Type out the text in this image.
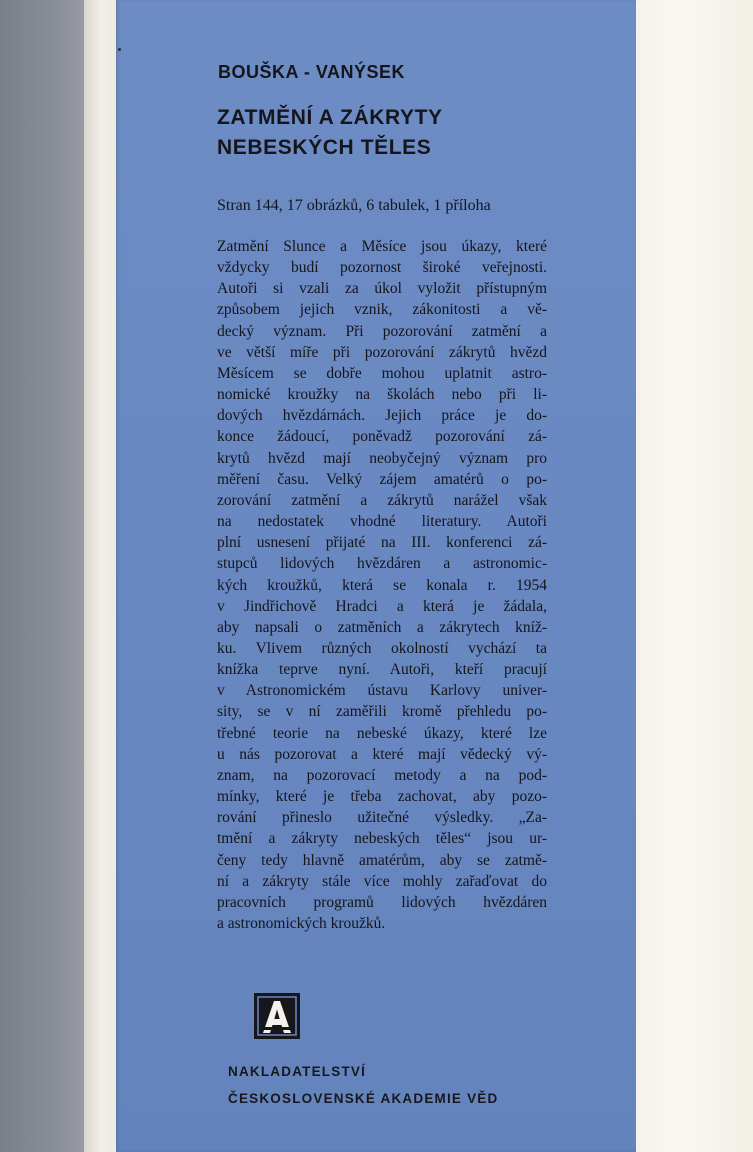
BOUŠKA - VANÝSEK

ZATMĚNÍ A ZÁKRYTY
NEBESKÝCH TĚLES

Stran 144, 17 obrázků, 6 tabulek, 1 příloha

Zatmění Slunce a Měsíce jsou úkazy, které
vždycky budí pozornost široké veřejnosti.
Autoři si vzali za úkol vyložit přístupným
způsobem jejich vznik, zákonitosti a vě-
decký význam. Při pozorování zatmění a
ve větší míře při pozorování zákrytů hvězd
Měsícem se dobře mohou uplatnit astro-
nomické kroužky na školách nebo při li-
dových hvězdárnách. Jejich práce je do-
konce žádoucí, poněvadž pozorování zá-
krytů hvězd mají neobyčejný význam pro
měření času. Velký zájem amatérů o po-
zorování zatmění a zákrytů narážel však
na nedostatek vhodné literatury. Autoři
plní usnesení přijaté na III. konferenci zá-
stupců lidových hvězdáren a astronomic-
kých kroužků, která se konala r. 1954
v Jindřichově Hradci a která je žádala,
aby napsali o zatměních a zákrytech kníž-
ku. Vlivem různých okolností vychází ta
knížka teprve nyní. Autoři, kteří pracují
v Astronomickém ústavu Karlovy univer-
sity, se v ní zaměřili kromě přehledu po-
třebné teorie na nebeské úkazy, které lze
u nás pozorovat a které mají vědecký vý-
znam, na pozorovací metody a na pod-
mínky, které je třeba zachovat, aby pozo-
rování přineslo užitečné výsledky. „Za-
tmění a zákryty nebeských těles“ jsou ur-
čeny tedy hlavně amatérům, aby se zatmě-
ní a zákryty stále více mohly zařaďovat do
pracovních programů lidových hvězdáren
a astronomických kroužků.
NAKLADATELSTVÍ
ČESKOSLOVENSKÉ AKADEMIE VĚD
